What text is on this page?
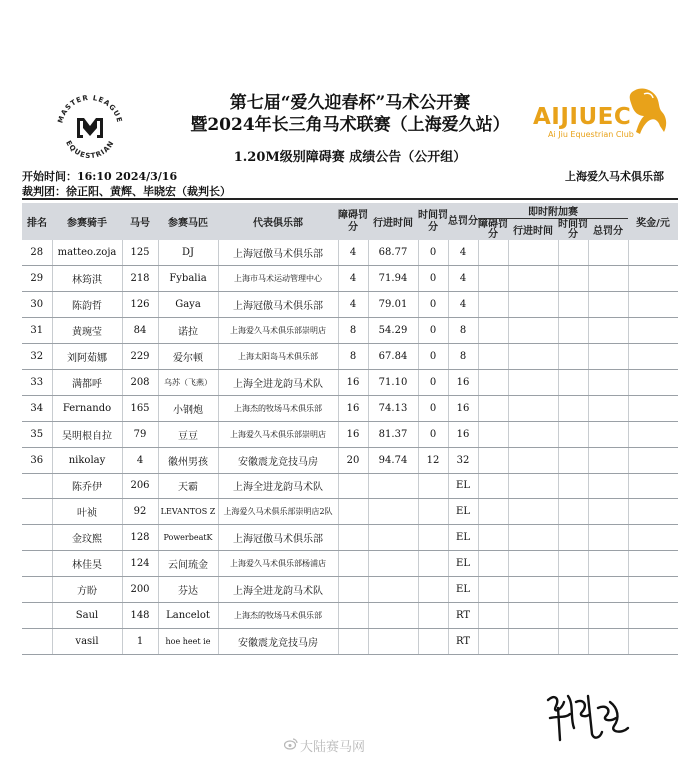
MASTER LEAGUE
EQUESTRIAN
AIJIUEC
Ai Jiu Equestrian Club
第七届“爱久迎春杯”马术公开赛
暨2024年长三角马术联赛（上海爱久站）
1.20M级别障碍赛 成绩公告（公开组）
开始时间：16:10 2024/3/16
裁判团：徐正阳、黄辉、毕晓宏（裁判长）
上海爱久马术俱乐部
排名	参赛骑手	马号	参赛马匹	代表俱乐部	障碍罚分	行进时间	时间罚分	总罚分	即时附加赛				奖金/元
									障碍罚分	行进时间	时间罚分	总罚分	
28	matteo.zoja	125	DJ	上海冠傲马术俱乐部	4	68.77	0	4					
29	林筠淇	218	Fybalia	上海市马术运动管理中心	4	71.94	0	4					
30	陈韵哲	126	Gaya	上海冠傲马术俱乐部	4	79.01	0	4					
31	黄琬莹	84	诺拉	上海爱久马术俱乐部崇明店	8	54.29	0	8					
32	刘阿茹娜	229	爱尔顿	上海太阳岛马术俱乐部	8	67.84	0	8					
33	满都呼	208	乌苏（飞燕）	上海全进龙韵马术队	16	71.10	0	16					
34	Fernando	165	小钢炮	上海杰的牧场马术俱乐部	16	74.13	0	16					
35	吴明根自拉	79	豆豆	上海爱久马术俱乐部崇明店	16	81.37	0	16					
36	nikolay	4	徽州男孩	安徽震龙竞技马房	20	94.74	12	32					
	陈乔伊	206	天霸	上海全进龙韵马术队				EL					
	叶祯	92	LEVANTOS Z	上海爱久马术俱乐部崇明店2队				EL					
	金玟熙	128	PowerbeatK	上海冠傲马术俱乐部				EL					
	林佳昊	124	云间琉金	上海爱久马术俱乐部杨浦店				EL					
	方盼	200	芬达	上海全进龙韵马术队				EL					
	Saul	148	Lancelot	上海杰的牧场马术俱乐部				RT					
	vasil	1	hoe heet ie	安徽震龙竞技马房				RT					
大陆赛马网
